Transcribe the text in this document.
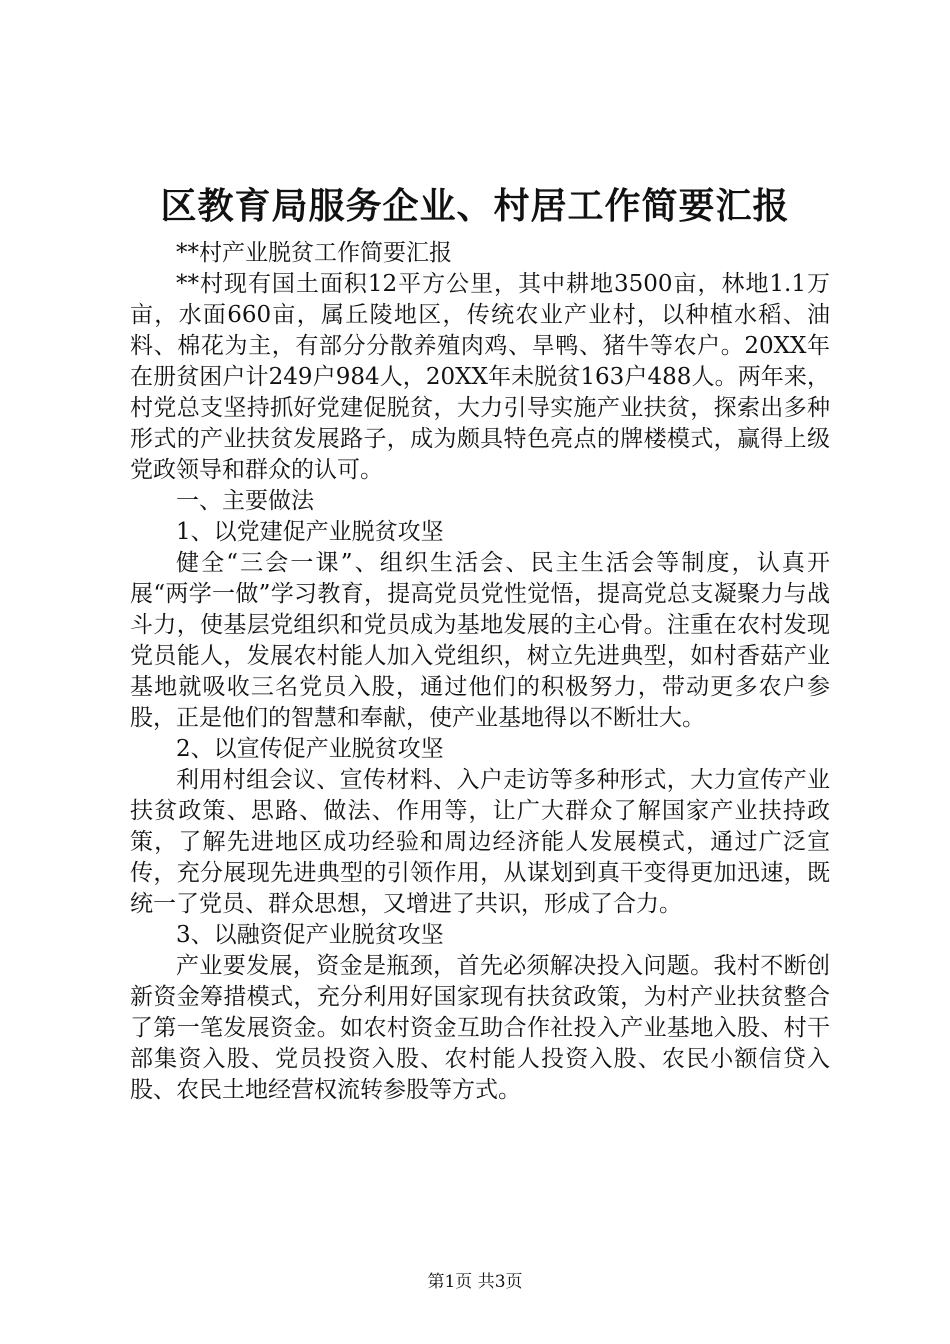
区教育局服务企业、村居工作简要汇报

**村产业脱贫工作简要汇报

**村现有国土面积12平方公里，其中耕地3500亩，林地1.1万亩，水面660亩，属丘陵地区，传统农业产业村，以种植水稻、油料、棉花为主，有部分分散养殖肉鸡、旱鸭、猪牛等农户。20XX年在册贫困户计249户984人，20XX年未脱贫163户488人。两年来，村党总支坚持抓好党建促脱贫，大力引导实施产业扶贫，探索出多种形式的产业扶贫发展路子，成为颇具特色亮点的牌楼模式，赢得上级党政领导和群众的认可。

一、主要做法

1、以党建促产业脱贫攻坚

健全“三会一课”、组织生活会、民主生活会等制度，认真开展“两学一做”学习教育，提高党员党性觉悟，提高党总支凝聚力与战斗力，使基层党组织和党员成为基地发展的主心骨。注重在农村发现党员能人，发展农村能人加入党组织，树立先进典型，如村香菇产业基地就吸收三名党员入股，通过他们的积极努力，带动更多农户参股，正是他们的智慧和奉献，使产业基地得以不断壮大。

2、以宣传促产业脱贫攻坚

利用村组会议、宣传材料、入户走访等多种形式，大力宣传产业扶贫政策、思路、做法、作用等，让广大群众了解国家产业扶持政策，了解先进地区成功经验和周边经济能人发展模式，通过广泛宣传，充分展现先进典型的引领作用，从谋划到真干变得更加迅速，既统一了党员、群众思想，又增进了共识，形成了合力。

3、以融资促产业脱贫攻坚

产业要发展，资金是瓶颈，首先必须解决投入问题。我村不断创新资金筹措模式，充分利用好国家现有扶贫政策，为村产业扶贫整合了第一笔发展资金。如农村资金互助合作社投入产业基地入股、村干部集资入股、党员投资入股、农村能人投资入股、农民小额信贷入股、农民土地经营权流转参股等方式。

第1页 共3页
